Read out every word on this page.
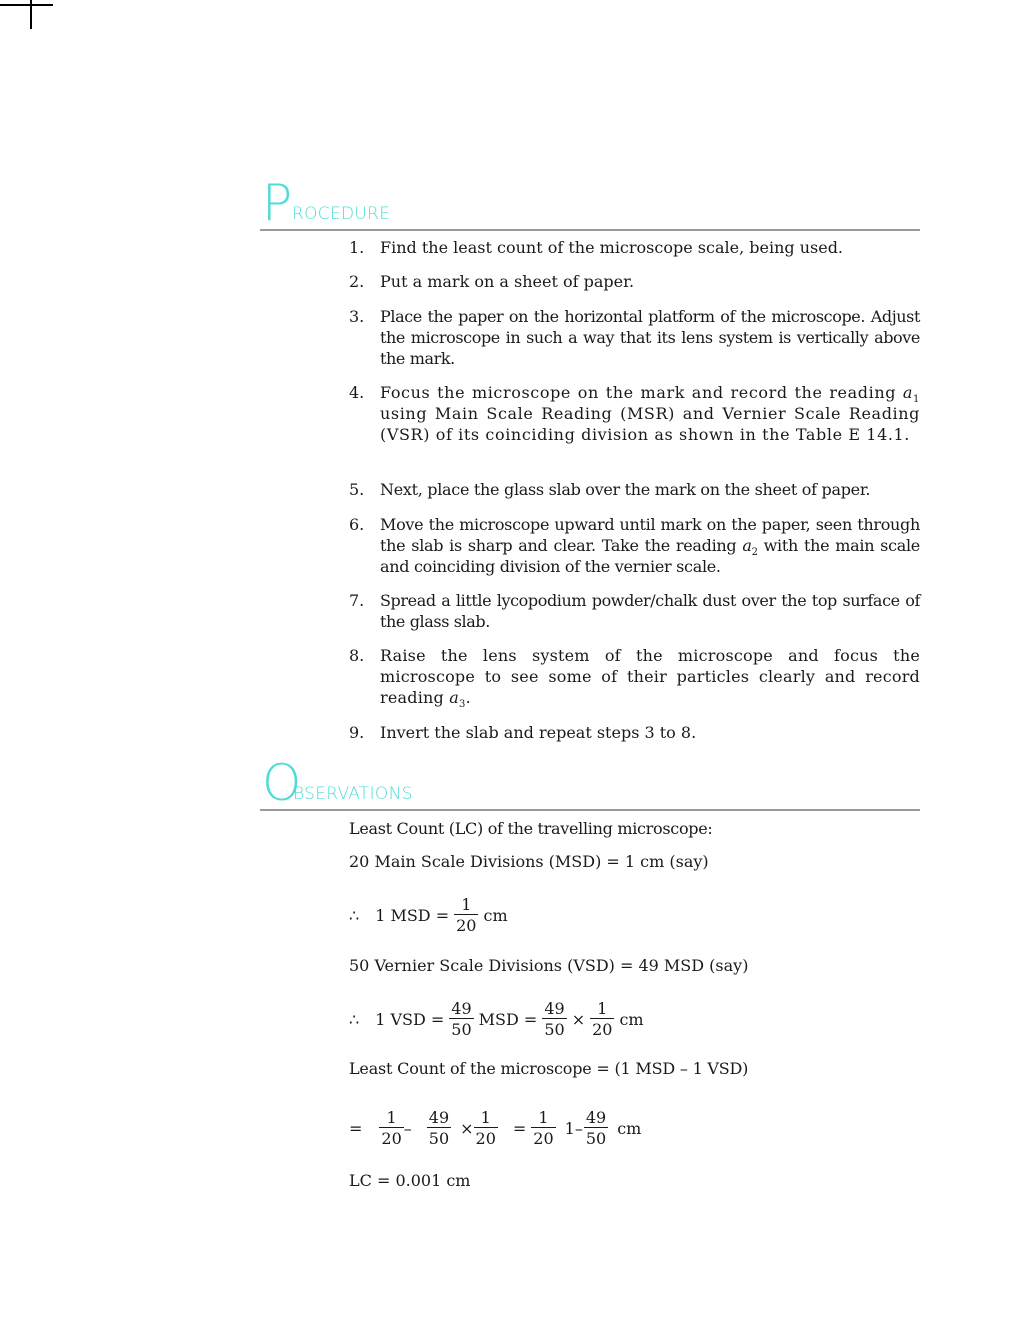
P ROCEDURE
1. Find the least count of the microscope scale, being used.
2. Put a mark on a sheet of paper.
3. Place the paper on the horizontal platform of the microscope. Adjust the microscope in such a way that its lens system is vertically above the mark.
4. Focus the microscope on the mark and record the reading $a_1$ using Main Scale Reading (MSR) and Vernier Scale Reading (VSR) of its coinciding division as shown in the Table E 14.1.
5. Next, place the glass slab over the mark on the sheet of paper.
6. Move the microscope upward until mark on the paper, seen through the slab is sharp and clear. Take the reading $a_2$ with the main scale and coinciding division of the vernier scale.
7. Spread a little lycopodium powder/chalk dust over the top surface of the glass slab.
8. Raise the lens system of the microscope and focus the microscope to see some of their particles clearly and record reading $a_3$.
9. Invert the slab and repeat steps 3 to 8.
O
BSERVATIONS
Least Count (LC) of the travelling microscope:
20 Main Scale Divisions (MSD) = 1 cm (say)
∴ 1 MSD = $\frac{1}{20}$ cm
50 Vernier Scale Divisions (VSD) = 49 MSD (say)
∴ 1 VSD = $\frac{49}{50}$ MSD = $\frac{49}{50} \times \frac{1}{20}$ cm
Least Count of the microscope = (1 MSD – 1 VSD)
= $\frac{1}{20} - \frac{49}{50} \times \frac{1}{20} = \frac{1}{20} 1- \frac{49}{50}$ cm
LC = 0.001 cm
